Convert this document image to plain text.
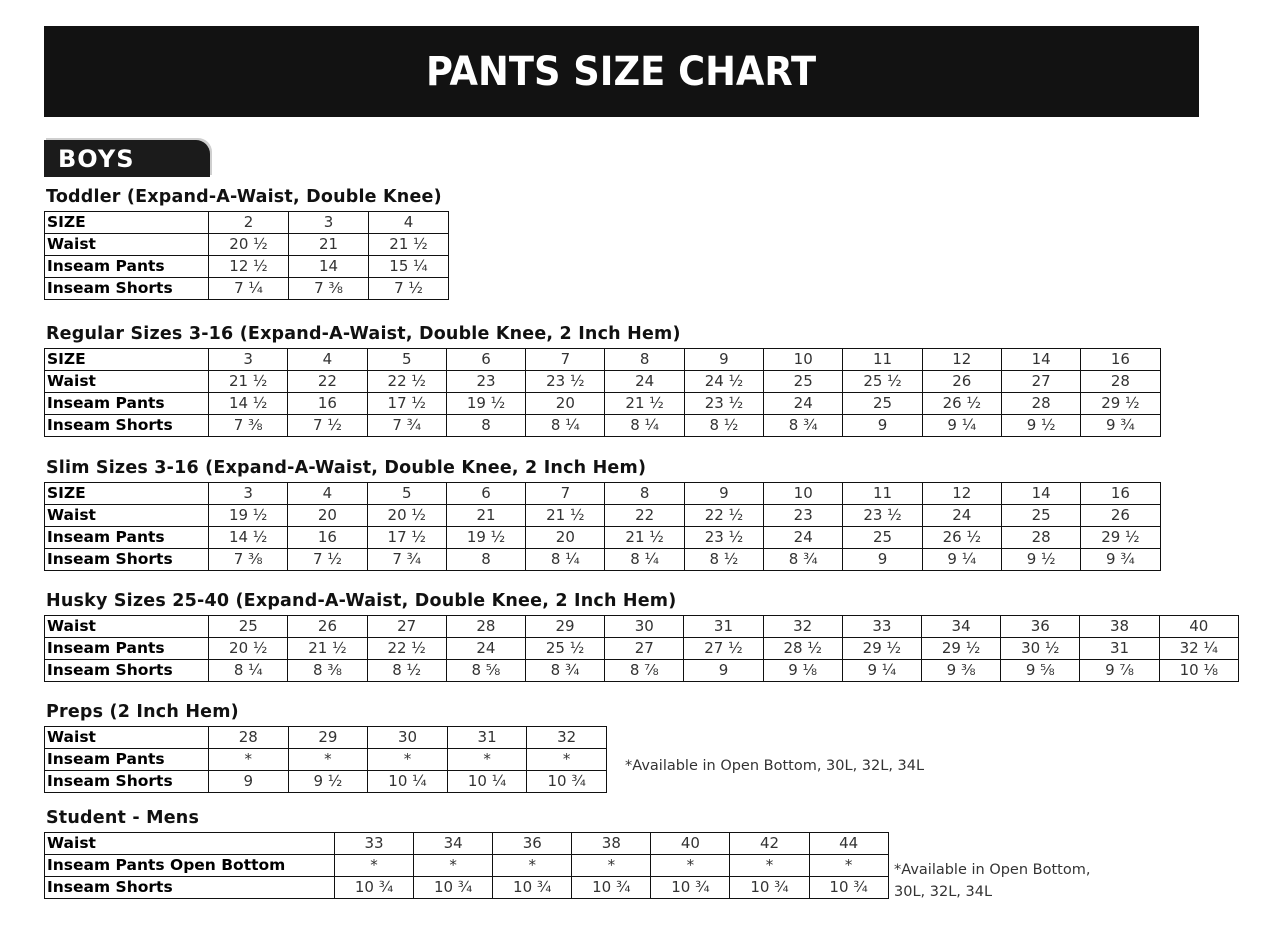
PANTS SIZE CHART
BOYS
Toddler (Expand-A-Waist, Double Knee)
SIZE	2	3	4
Waist	20 ½	21	21 ½
Inseam Pants	12 ½	14	15 ¼
Inseam Shorts	7 ¼	7 ⅜	7 ½
Regular Sizes 3-16 (Expand-A-Waist, Double Knee, 2 Inch Hem)
SIZE	3	4	5	6	7	8	9	10	11	12	14	16
Waist	21 ½	22	22 ½	23	23 ½	24	24 ½	25	25 ½	26	27	28
Inseam Pants	14 ½	16	17 ½	19 ½	20	21 ½	23 ½	24	25	26 ½	28	29 ½
Inseam Shorts	7 ⅜	7 ½	7 ¾	8	8 ¼	8 ¼	8 ½	8 ¾	9	9 ¼	9 ½	9 ¾
Slim Sizes 3-16 (Expand-A-Waist, Double Knee, 2 Inch Hem)
SIZE	3	4	5	6	7	8	9	10	11	12	14	16
Waist	19 ½	20	20 ½	21	21 ½	22	22 ½	23	23 ½	24	25	26
Inseam Pants	14 ½	16	17 ½	19 ½	20	21 ½	23 ½	24	25	26 ½	28	29 ½
Inseam Shorts	7 ⅜	7 ½	7 ¾	8	8 ¼	8 ¼	8 ½	8 ¾	9	9 ¼	9 ½	9 ¾
Husky Sizes 25-40 (Expand-A-Waist, Double Knee, 2 Inch Hem)
Waist	25	26	27	28	29	30	31	32	33	34	36	38	40
Inseam Pants	20 ½	21 ½	22 ½	24	25 ½	27	27 ½	28 ½	29 ½	29 ½	30 ½	31	32 ¼
Inseam Shorts	8 ¼	8 ⅜	8 ½	8 ⅝	8 ¾	8 ⅞	9	9 ⅛	9 ¼	9 ⅜	9 ⅝	9 ⅞	10 ⅛
Preps (2 Inch Hem)
Waist	28	29	30	31	32
Inseam Pants	*	*	*	*	*
Inseam Shorts	9	9 ½	10 ¼	10 ¼	10 ¾
*Available in Open Bottom, 30L, 32L, 34L
Student - Mens
Waist	33	34	36	38	40	42	44
Inseam Pants Open Bottom	*	*	*	*	*	*	*
Inseam Shorts	10 ¾	10 ¾	10 ¾	10 ¾	10 ¾	10 ¾	10 ¾
*Available in Open Bottom,
30L, 32L, 34L
